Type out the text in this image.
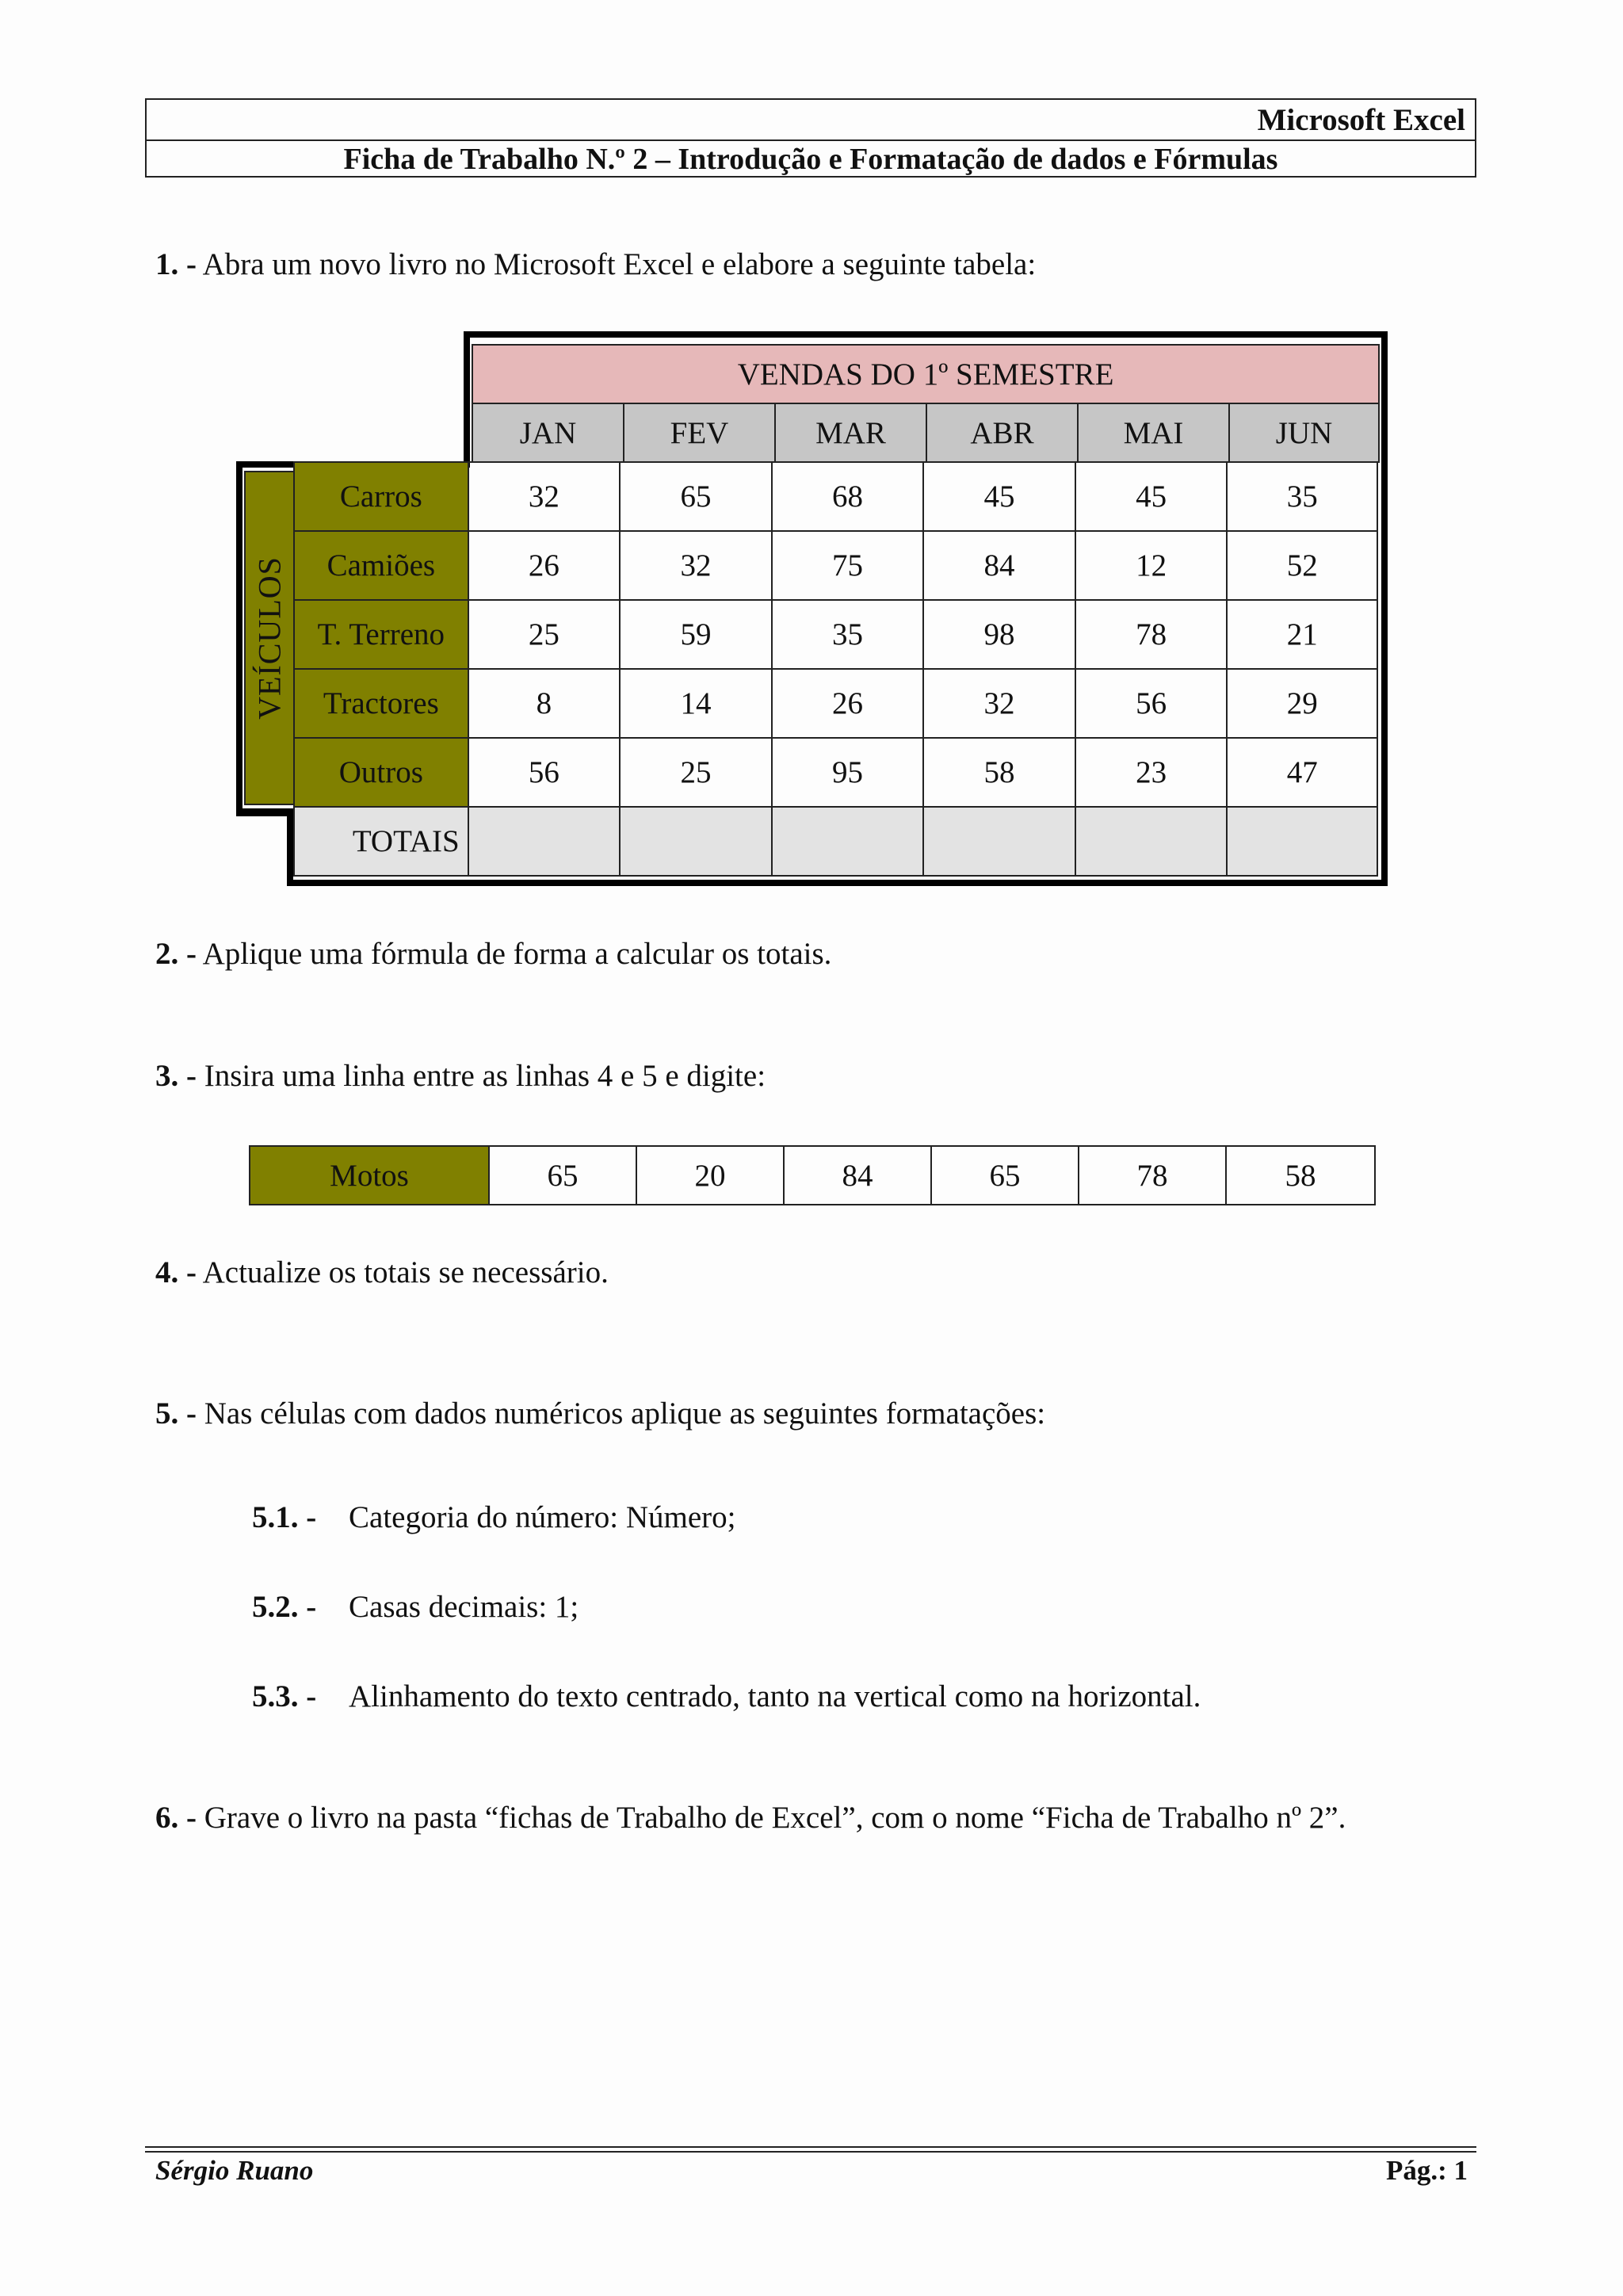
Microsoft Excel
Ficha de Trabalho N.º 2 – Introdução e Formatação de dados e Fórmulas
1. - Abra um novo livro no Microsoft Excel e elabore a seguinte tabela:
VENDAS DO 1º SEMESTRE
JAN	FEV	MAR	ABR	MAI	JUN
VEÍCULOS
Carros	32	65	68	45	45	35
Camiões	26	32	75	84	12	52
T. Terreno	25	59	35	98	78	21
Tractores	8	14	26	32	56	29
Outros	56	25	95	58	23	47
TOTAIS						
2. - Aplique uma fórmula de forma a calcular os totais.
3. - Insira uma linha entre as linhas 4 e 5 e digite:
Motos	65	20	84	65	78	58
4. - Actualize os totais se necessário.
5. - Nas células com dados numéricos aplique as seguintes formatações:
5.1. - Categoria do número: Número;
5.2. - Casas decimais: 1;
5.3. - Alinhamento do texto centrado, tanto na vertical como na horizontal.
6. - Grave o livro na pasta “fichas de Trabalho de Excel”, com o nome “Ficha de Trabalho nº 2”.
Sérgio Ruano	Pág.: 1
